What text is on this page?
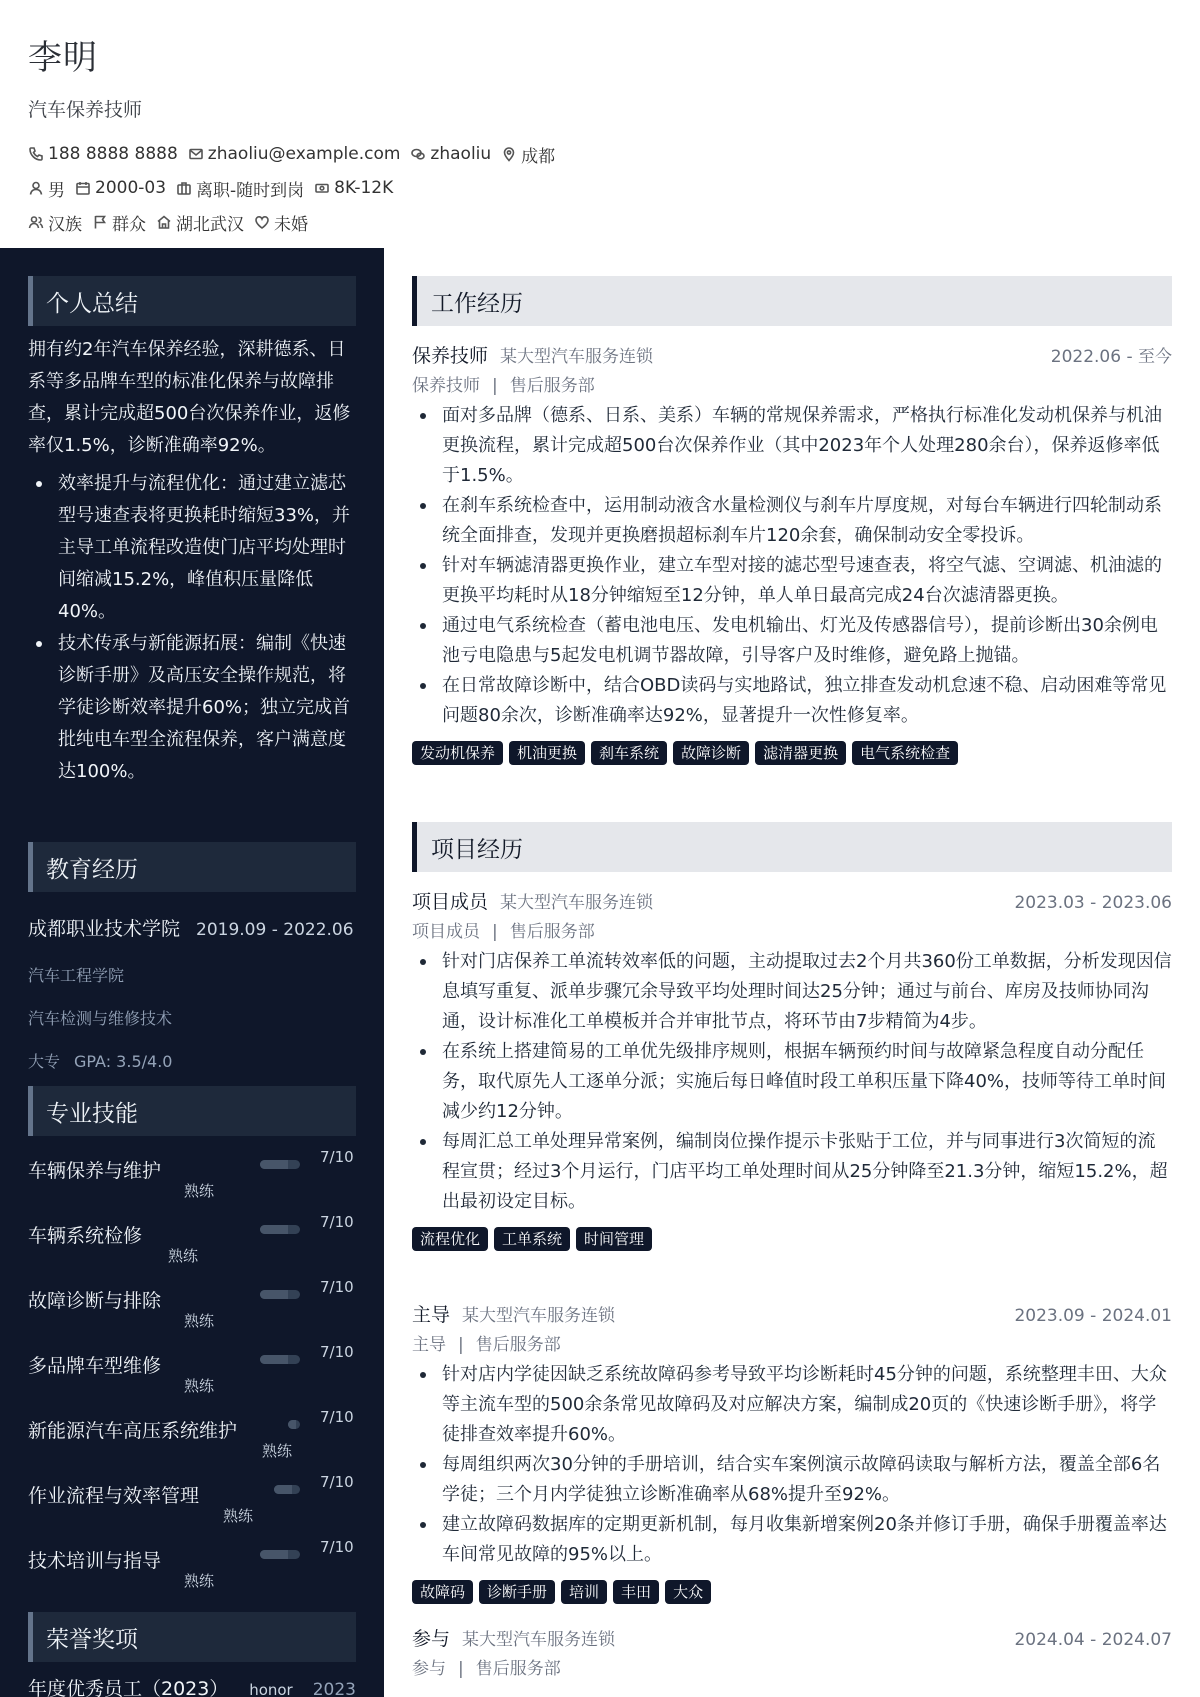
李明
汽车保养技师
188 8888 8888 zhaoliu@example.com zhaoliu 成都
男 2000-03 离职-随时到岗 8K-12K
汉族 群众 湖北武汉 未婚
个人总结
拥有约2年汽车保养经验，深耕德系、日系等多品牌车型的标准化保养与故障排查，累计完成超500台次保养作业，返修率仅1.5%，诊断准确率92%。
效率提升与流程优化：通过建立滤芯型号速查表将更换耗时缩短33%，并主导工单流程改造使门店平均处理时间缩减15.2%，峰值积压量降低40%。
技术传承与新能源拓展：编制《快速诊断手册》及高压安全操作规范，将学徒诊断效率提升60%；独立完成首批纯电车型全流程保养，客户满意度达100%。
教育经历
成都职业技术学院 2019.09 - 2022.06
汽车工程学院
汽车检测与维修技术
大专 GPA: 3.5/4.0
专业技能
车辆保养与维护
熟练
7/10
车辆系统检修
熟练
7/10
故障诊断与排除
熟练
7/10
多品牌车型维修
熟练
7/10
新能源汽车高压系统维护
熟练
7/10
作业流程与效率管理
熟练
7/10
技术培训与指导
熟练
7/10
荣誉奖项
年度优秀员工（2023） honor 2023
工作经历
保养技师 某大型汽车服务连锁	2022.06 - 至今
保养技师 | 售后服务部
面对多品牌（德系、日系、美系）车辆的常规保养需求，严格执行标准化发动机保养与机油更换流程，累计完成超500台次保养作业（其中2023年个人处理280余台），保养返修率低于1.5%。
在刹车系统检查中，运用制动液含水量检测仪与刹车片厚度规，对每台车辆进行四轮制动系统全面排查，发现并更换磨损超标刹车片120余套，确保制动安全零投诉。
针对车辆滤清器更换作业，建立车型对接的滤芯型号速查表，将空气滤、空调滤、机油滤的更换平均耗时从18分钟缩短至12分钟，单人单日最高完成24台次滤清器更换。
通过电气系统检查（蓄电池电压、发电机输出、灯光及传感器信号），提前诊断出30余例电池亏电隐患与5起发电机调节器故障，引导客户及时维修，避免路上抛锚。
在日常故障诊断中，结合OBD读码与实地路试，独立排查发动机怠速不稳、启动困难等常见问题80余次，诊断准确率达92%，显著提升一次性修复率。
发动机保养	机油更换	刹车系统	故障诊断	滤清器更换	电气系统检查
项目经历
项目成员 某大型汽车服务连锁	2023.03 - 2023.06
项目成员 | 售后服务部
针对门店保养工单流转效率低的问题，主动提取过去2个月共360份工单数据，分析发现因信息填写重复、派单步骤冗余导致平均处理时间达25分钟；通过与前台、库房及技师协同沟通，设计标准化工单模板并合并审批节点，将环节由7步精简为4步。
在系统上搭建简易的工单优先级排序规则，根据车辆预约时间与故障紧急程度自动分配任务，取代原先人工逐单分派；实施后每日峰值时段工单积压量下降40%，技师等待工单时间减少约12分钟。
每周汇总工单处理异常案例，编制岗位操作提示卡张贴于工位，并与同事进行3次简短的流程宣贯；经过3个月运行，门店平均工单处理时间从25分钟降至21.3分钟，缩短15.2%，超出最初设定目标。
流程优化	工单系统	时间管理
主导 某大型汽车服务连锁	2023.09 - 2024.01
主导 | 售后服务部
针对店内学徒因缺乏系统故障码参考导致平均诊断耗时45分钟的问题，系统整理丰田、大众等主流车型的500余条常见故障码及对应解决方案，编制成20页的《快速诊断手册》，将学徒排查效率提升60%。
每周组织两次30分钟的手册培训，结合实车案例演示故障码读取与解析方法，覆盖全部6名学徒；三个月内学徒独立诊断准确率从68%提升至92%。
建立故障码数据库的定期更新机制，每月收集新增案例20条并修订手册，确保手册覆盖率达车间常见故障的95%以上。
故障码	诊断手册	培训	丰田	大众
参与 某大型汽车服务连锁	2024.04 - 2024.07
参与 | 售后服务部
